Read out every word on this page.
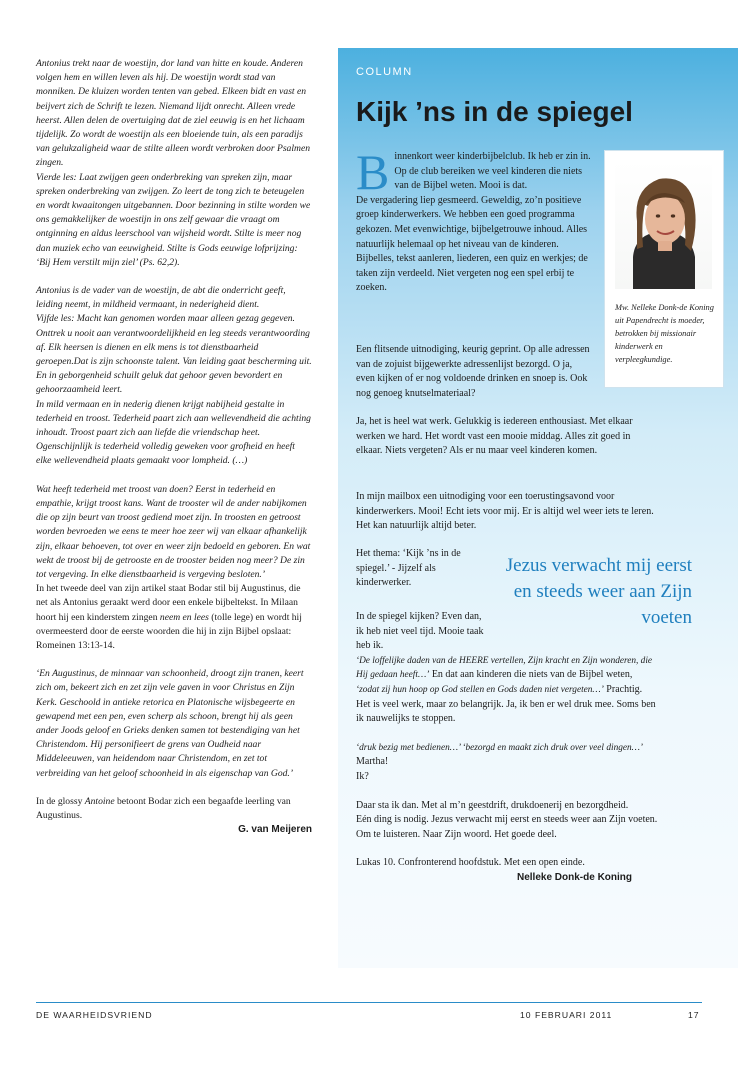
Antonius trekt naar de woestijn, dor land van hitte en koude. Anderen volgen hem en willen leven als hij. De woestijn wordt stad van monniken. De kluizen worden tenten van gebed. Elkeen bidt en vast en beijvert zich de Schrift te lezen. Niemand lijdt onrecht. Alleen vrede heerst. Allen delen de overtuiging dat de ziel eeuwig is en het lichaam tijdelijk. Zo wordt de woestijn als een bloeiende tuin, als een paradijs van gelukzaligheid waar de stilte alleen wordt verbroken door Psalmen zingen.

Vierde les: Laat zwijgen geen onderbreking van spreken zijn, maar spreken onderbreking van zwijgen. Zo leert de tong zich te beteugelen en wordt kwaaitongen uitgebannen. Door bezinning in stilte worden we ons gemakkelijker de woestijn in ons zelf gewaar die vraagt om ontginning en aldus leerschool van wijsheid wordt. Stilte is meer nog dan muziek echo van eeuwigheid. Stilte is Gods eeuwige lofprijzing: ‘Bij Hem verstilt mijn ziel’ (Ps. 62,2).

Antonius is de vader van de woestijn, de abt die onderricht geeft, leiding neemt, in mildheid vermaant, in nederigheid dient.

Vijfde les: Macht kan genomen worden maar alleen gezag gegeven. Onttrek u nooit aan verantwoordelijkheid en leg steeds verantwoording af. Elk heersen is dienen en elk mens is tot dienstbaarheid geroepen.Dat is zijn schoonste talent. Van leiding gaat bescherming uit. En in geborgenheid schuilt geluk dat gehoor geven bevordert en gehoorzaamheid leert.

In mild vermaan en in nederig dienen krijgt nabijheid gestalte in tederheid en troost. Tederheid paart zich aan wellevendheid die achting inhoudt. Troost paart zich aan liefde die vriendschap heet.

Ogenschijnlijk is tederheid volledig geweken voor grofheid en heeft elke wellevendheid plaats gemaakt voor lompheid. (…)

Wat heeft tederheid met troost van doen? Eerst in tederheid en empathie, krijgt troost kans. Want de trooster wil de ander nabijkomen die op zijn beurt van troost gediend moet zijn. In troosten en getroost worden bevroeden we eens te meer hoe zeer wij van elkaar afhankelijk zijn, elkaar behoeven, tot over en weer zijn bedoeld en geboren. En wat wekt de troost bij de getrooste en de trooster beiden nog meer? De zin tot vergeving. In elke dienstbaarheid is vergeving besloten.’

In het tweede deel van zijn artikel staat Bodar stil bij Augustinus, die net als Antonius geraakt werd door een enkele bijbeltekst. In Milaan hoort hij een kinderstem zingen neem en lees (tolle lege) en wordt hij overmeesterd door de eerste woorden die hij in zijn Bijbel opslaat: Romeinen 13:13-14.

‘En Augustinus, de minnaar van schoonheid, droogt zijn tranen, keert zich om, bekeert zich en zet zijn vele gaven in voor Christus en Zijn Kerk. Geschoold in antieke retorica en Platonische wijsbegeerte en gewapend met een pen, even scherp als schoon, brengt hij als geen ander Joods geloof en Grieks denken samen tot bestendiging van het Christendom. Hij personifieert de grens van Oudheid naar Middeleeuwen, van heidendom naar Christendom, en zet tot verbreiding van het geloof schoonheid in als eigenschap van God.’

In de glossy Antoine betoont Bodar zich een begaafde leerling van Augustinus.

G. van Meijeren

COLUMN
Kijk ’ns in de spiegel
Mw. Nelleke Donk-de Koning uit Papendrecht is moeder, betrokken bij missionair kinderwerk en verpleegkundige.

Binnenkort weer kinderbijbelclub. Ik heb er zin in. Op de club bereiken we veel kinderen die niets van de Bijbel weten. Mooi is dat.

De vergadering liep gesmeerd. Geweldig, zo’n positieve groep kinderwerkers. We hebben een goed programma gekozen. Met evenwichtige, bijbelgetrouwe inhoud. Alles natuurlijk helemaal op het niveau van de kinderen. Bijbelles, tekst aanleren, liederen, een quiz en werkjes; de taken zijn verdeeld. Niet vergeten nog een spel erbij te zoeken.

Een flitsende uitnodiging, keurig geprint. Op alle adressen van de zojuist bijgewerkte adressenlijst bezorgd. O ja, even kijken of er nog voldoende drinken en snoep is. Ook nog genoeg knutselmateriaal?

Ja, het is heel wat werk. Gelukkig is iedereen enthousiast. Met elkaar werken we hard. Het wordt vast een mooie middag. Alles zit goed in elkaar. Niets vergeten? Als er nu maar veel kinderen komen.

In mijn mailbox een uitnodiging voor een toerustingsavond voor kinderwerkers. Mooi! Echt iets voor mij. Er is altijd wel weer iets te leren. Het kan natuurlijk altijd beter.

Het thema: ‘Kijk ’ns in de spiegel.’ - Jijzelf als kinderwerker.

Jezus verwacht mij eerst en steeds weer aan Zijn voeten

In de spiegel kijken? Even dan, ik heb niet veel tijd. Mooie taak heb ik.

‘De loffelijke daden van de HEERE vertellen, Zijn kracht en Zijn wonderen, die Hij gedaan heeft…’ En dat aan kinderen die niets van de Bijbel weten, ‘zodat zij hun hoop op God stellen en Gods daden niet vergeten…’ Prachtig. Het is veel werk, maar zo belangrijk. Ja, ik ben er wel druk mee. Soms ben ik nauwelijks te stoppen.

‘druk bezig met bedienen…’ ‘bezorgd en maakt zich druk over veel dingen…’

Martha!

Ik?

Daar sta ik dan. Met al m’n geestdrift, drukdoenerij en bezorgdheid.

Eén ding is nodig. Jezus verwacht mij eerst en steeds weer aan Zijn voeten.

Om te luisteren. Naar Zijn woord. Het goede deel.

Lukas 10. Confronterend hoofdstuk. Met een open einde.

Nelleke Donk-de Koning

DE WAARHEIDSVRIEND	10 FEBRUARI 2011	17
